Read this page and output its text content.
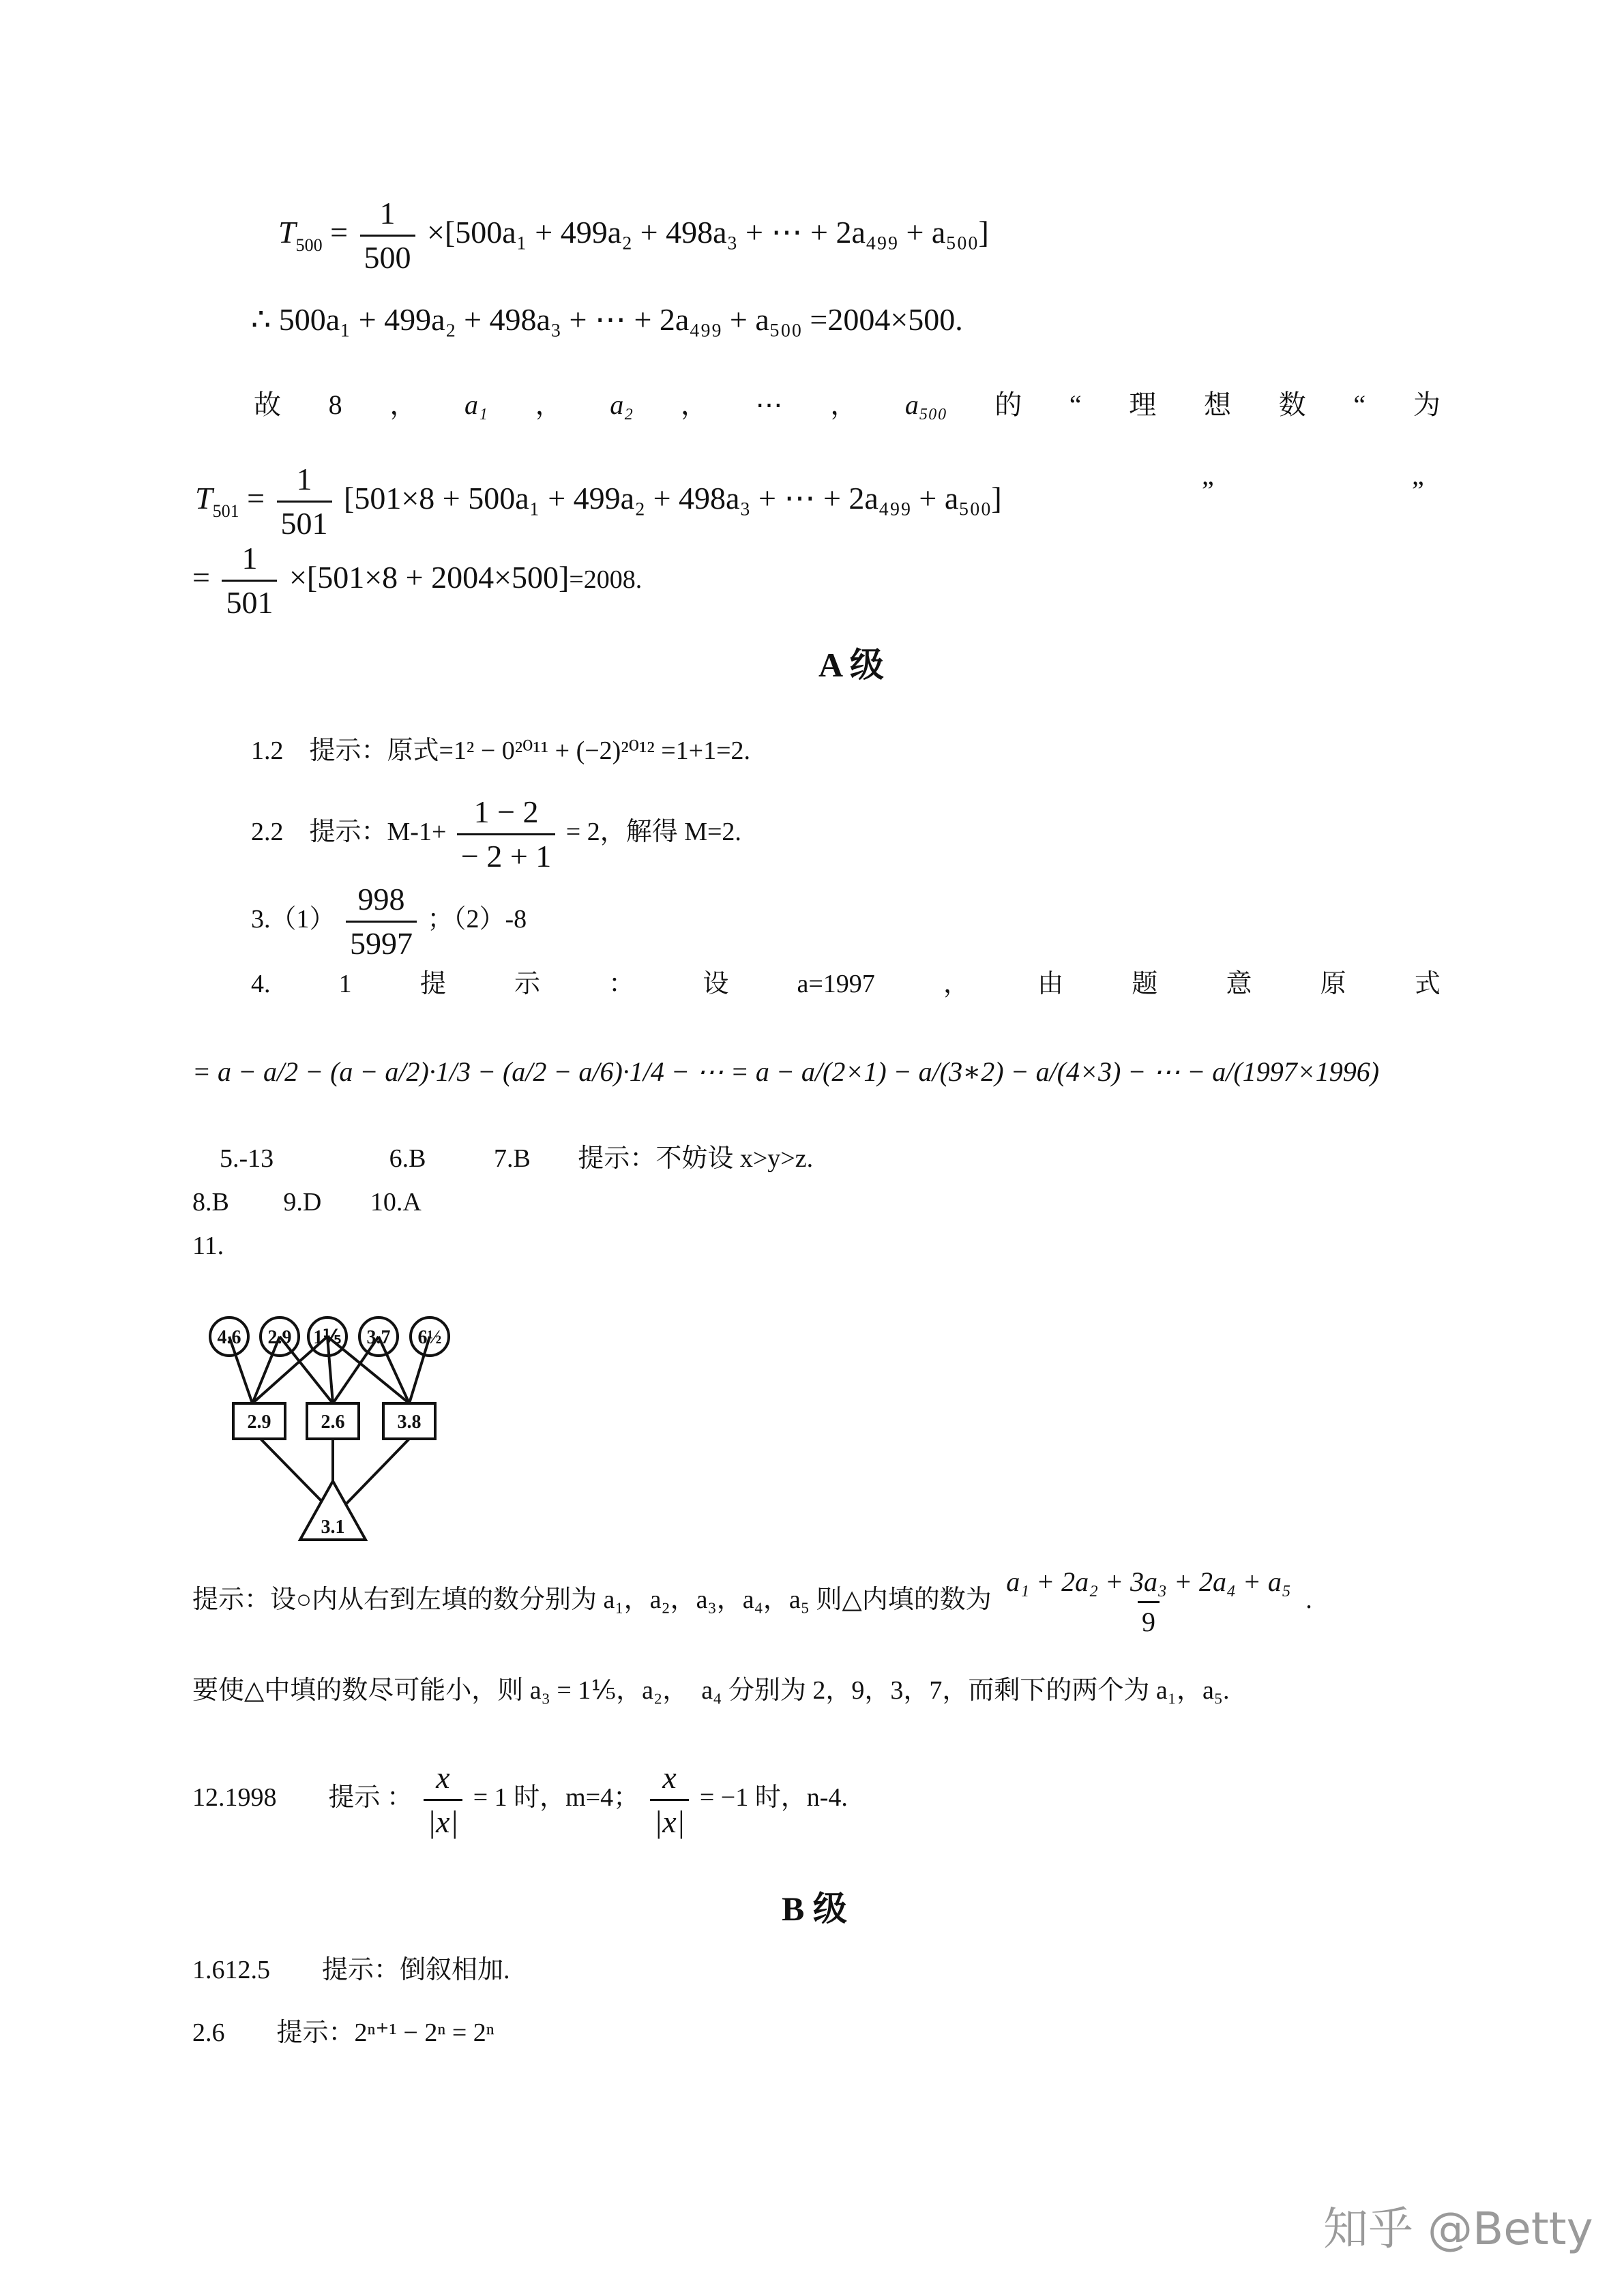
$T_{500} = \frac{1}{500} \times[500a_1 + 499a_2 + 498a_3$ + ⋯ + 2a₄₉₉ + a₅₀₀]
∴ 500a₁ + 499a₂ + 498a₃ + ⋯ + 2a₄₉₉ + a₅₀₀ =2004×500.
故 8 ， a₁ ， a₂ ， ⋯ ， a₅₀₀ 的 “ 理 想 数 “ 为
$T_{501} = \frac{1}{501} [501\times 8 + 500a_1 + 499a_2 + 498a_3$ + ⋯ + 2a₄₉₉ + a₅₀₀]	”	”
= $\frac{1}{501} \times[501\times 8 + 2004\times 500]=2008$.
A 级
1.2　提示：原式=1² − 0²⁰¹¹ + (−2)²⁰¹² =1+1=2.
2.2　提示：$M-1+ \frac{1 - 2}{- 2 + 1} = 2$，解得 M=2.
$3.(1) \frac{998}{5997}$ ；（2）-8
4.	1	提	示	：	设	a=1997	，	由	题	意	原	式
= a − a/2 − (a − a/2)·1/3 − (a/2 − a/6)·1/4 − ⋯ = a − a/(2×1) − a/(3∗2) − a/(4×3) − ⋯ − a/(1997×1996)
5.-13	6.B	7.B 提示：不妨设 x>y>z.
8.B 9.D 10.A
11.
4.6 2.9 1⅕ 3.7 6½
2.9	2.6	3.8
3.1
提示：设○内从右到左填的数分别为 a₁，a₂，a₃，a₄，a₅ 则△内填的数为 $\frac{\text{a₁ + 2a₂ + 3a₃ + 2a₄ + a₅}}{9}$ .
要使△中填的数尽可能小，则 a₃ = 1⅕，a₂，　a₄ 分别为 2，9，3，7，而剩下的两个为 a₁，a₅.
12.1998　　提示 ： $\frac{x}{|x|} = 1$ 时，m=4； $\frac{x}{|x|} = -1$ 时，n-4.
B 级
1.612.5　　提示：倒叙相加.
2.6　　提示：2ⁿ⁺¹ − 2ⁿ = 2ⁿ
知乎 @Betty
